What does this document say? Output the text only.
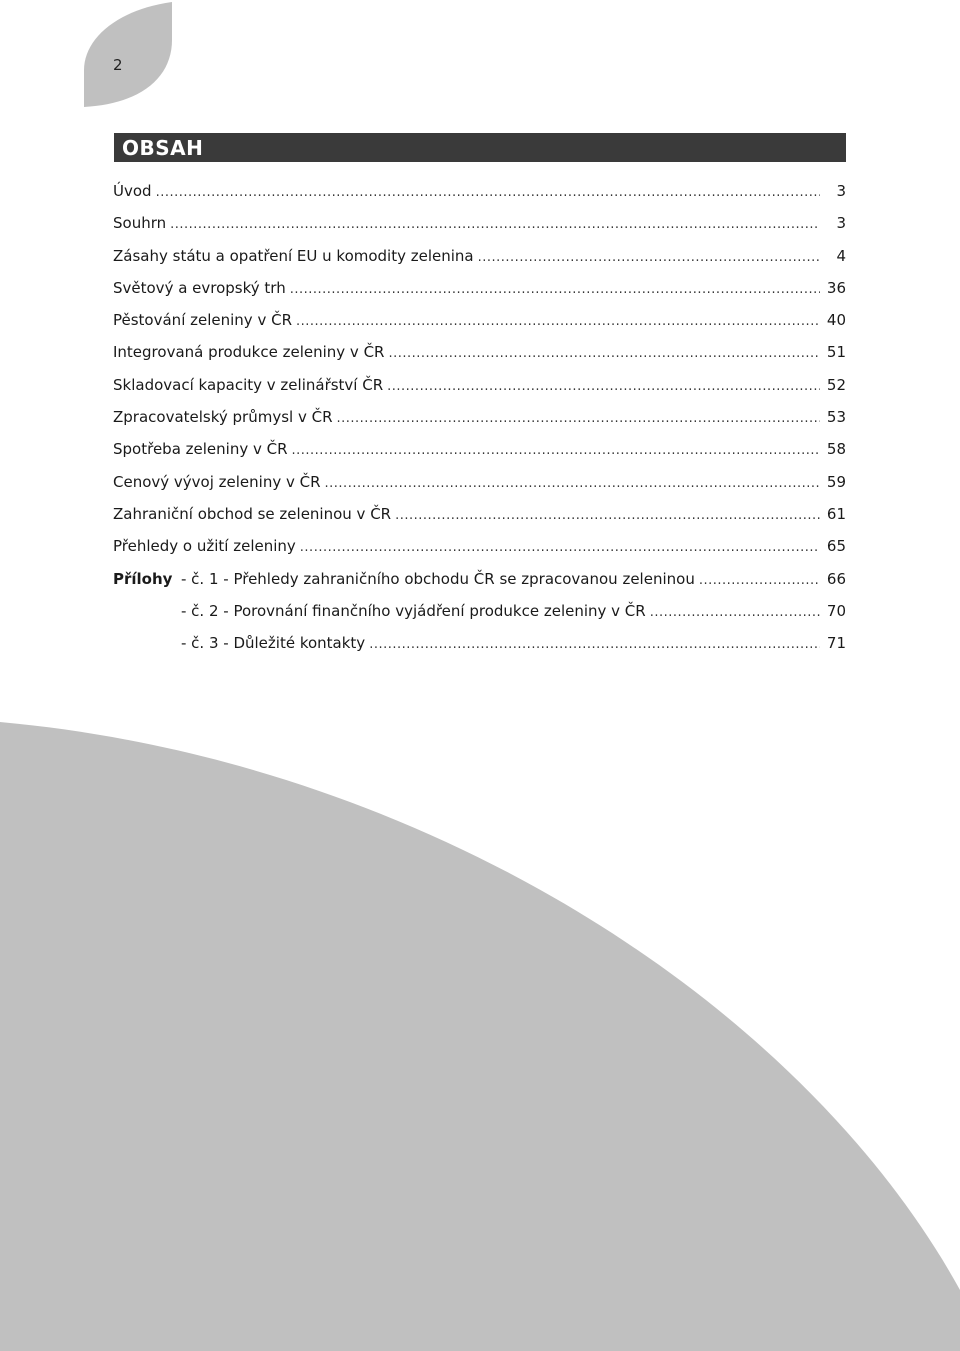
2
OBSAH
Úvod .....	3
Souhrn .....	3
Zásahy státu a opatření EU u komodity zelenina .....	4
Světový a evropský trh .....	36
Pěstování zeleniny v ČR .....	40
Integrovaná produkce zeleniny v ČR .....	51
Skladovací kapacity v zelinářství ČR .....	52
Zpracovatelský průmysl v ČR .....	53
Spotřeba zeleniny v ČR .....	58
Cenový vývoj zeleniny v ČR .....	59
Zahraniční obchod se zeleninou v ČR .....	61
Přehledy o užití zeleniny .....	65
Přílohy - č. 1 - Přehledy zahraničního obchodu ČR se zpracovanou zeleninou .....	66
- č. 2 - Porovnání finančního vyjádření produkce zeleniny v ČR .....	70
- č. 3 - Důležité kontakty .....	71
